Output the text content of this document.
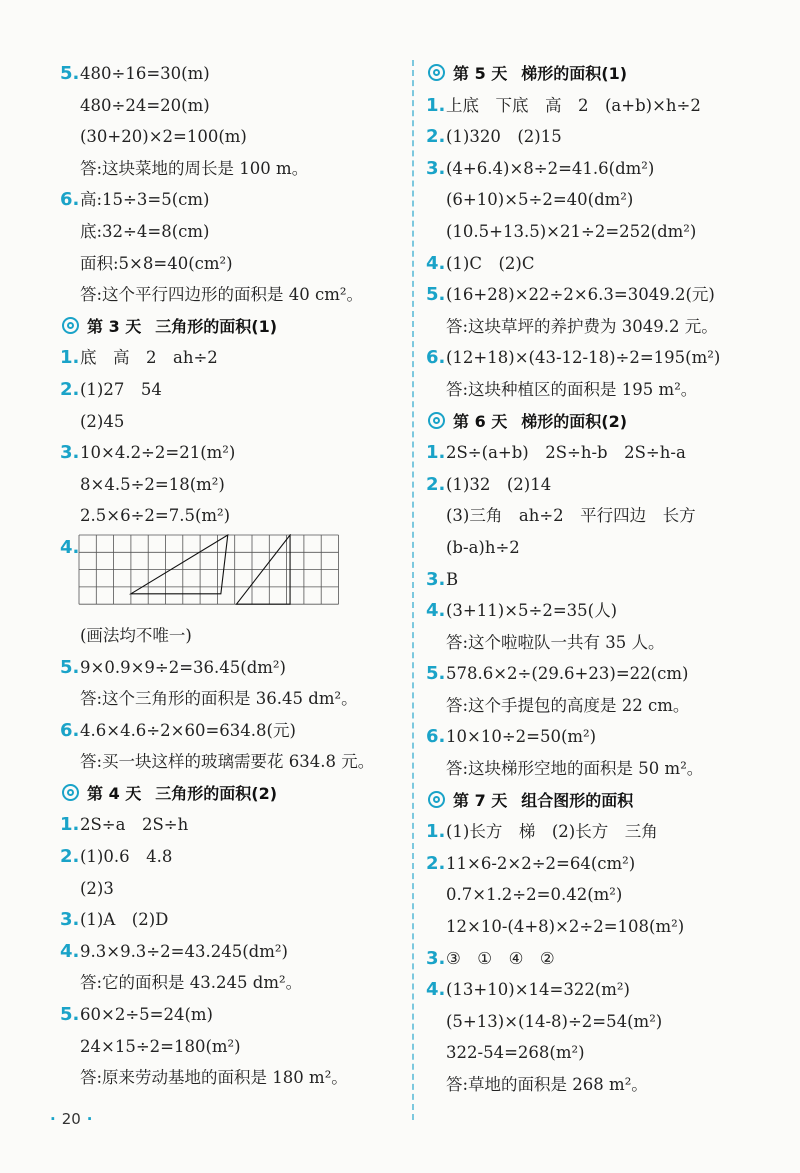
5.480÷16=30(m)
480÷24=20(m)
(30+20)×2=100(m)
答:这块菜地的周长是 100 m。
6.高:15÷3=5(cm)
底:32÷4=8(cm)
面积:5×8=40(cm²)
答:这个平行四边形的面积是 40 cm²。
第 3 天 三角形的面积(1)
1.底　高　2　ah÷2
2.(1)27　54
(2)45
3.10×4.2÷2=21(m²)
8×4.5÷2=18(m²)
2.5×6÷2=7.5(m²)
4.
(画法均不唯一)
5.9×0.9×9÷2=36.45(dm²)
答:这个三角形的面积是 36.45 dm²。
6.4.6×4.6÷2×60=634.8(元)
答:买一块这样的玻璃需要花 634.8 元。
第 4 天 三角形的面积(2)
1.2S÷a　2S÷h
2.(1)0.6　4.8
(2)3
3.(1)A　(2)D
4.9.3×9.3÷2=43.245(dm²)
答:它的面积是 43.245 dm²。
5.60×2÷5=24(m)
24×15÷2=180(m²)
答:原来劳动基地的面积是 180 m²。
第 5 天 梯形的面积(1)
1.上底　下底　高　2　(a+b)×h÷2
2.(1)320　(2)15
3.(4+6.4)×8÷2=41.6(dm²)
(6+10)×5÷2=40(dm²)
(10.5+13.5)×21÷2=252(dm²)
4.(1)C　(2)C
5.(16+28)×22÷2×6.3=3049.2(元)
答:这块草坪的养护费为 3049.2 元。
6.(12+18)×(43-12-18)÷2=195(m²)
答:这块种植区的面积是 195 m²。
第 6 天 梯形的面积(2)
1.2S÷(a+b)　2S÷h-b　2S÷h-a
2.(1)32　(2)14
(3)三角　ah÷2　平行四边　长方
(b-a)h÷2
3.B
4.(3+11)×5÷2=35(人)
答:这个啦啦队一共有 35 人。
5.578.6×2÷(29.6+23)=22(cm)
答:这个手提包的高度是 22 cm。
6.10×10÷2=50(m²)
答:这块梯形空地的面积是 50 m²。
第 7 天 组合图形的面积
1.(1)长方　梯　(2)长方　三角
2.11×6-2×2÷2=64(cm²)
0.7×1.2÷2=0.42(m²)
12×10-(4+8)×2÷2=108(m²)
3.③　①　④　②
4.(13+10)×14=322(m²)
(5+13)×(14-8)÷2=54(m²)
322-54=268(m²)
答:草地的面积是 268 m²。
· 20 ·
